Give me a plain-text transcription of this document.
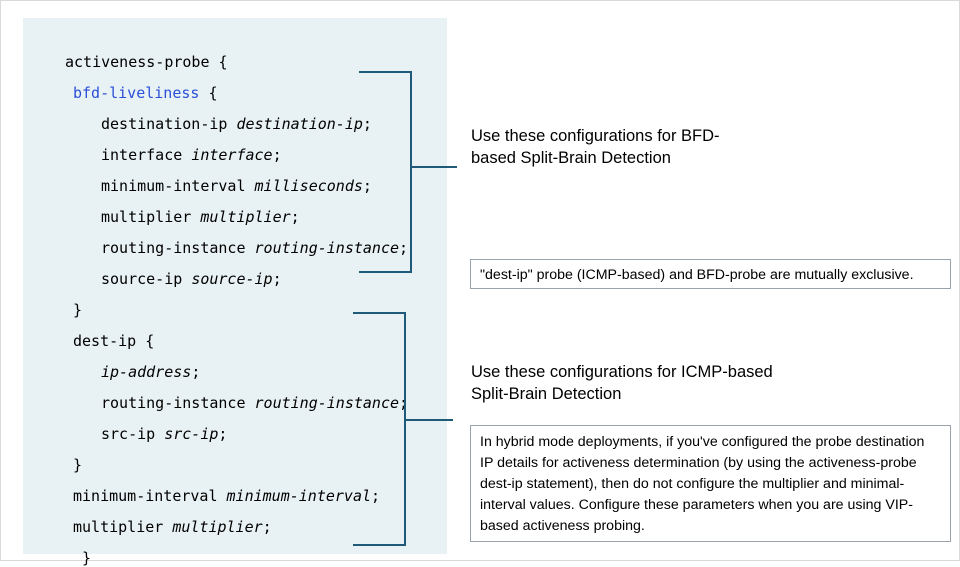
activeness-probe {
bfd-liveliness {
destination-ip destination-ip;
interface interface;
minimum-interval milliseconds;
multiplier multiplier;
routing-instance routing-instance;
source-ip source-ip;
}
dest-ip {
ip-address;
routing-instance routing-instance;
src-ip src-ip;
}
minimum-interval minimum-interval;
multiplier multiplier;
}
Use these configurations for BFD-based Split-Brain Detection
Use these configurations for ICMP-based Split-Brain Detection
"dest-ip" probe (ICMP-based) and BFD-probe are mutually exclusive.
In hybrid mode deployments, if you've configured the probe destination IP details for activeness determination (by using the activeness-probe dest-ip statement), then do not configure the multiplier and minimal-interval values. Configure these parameters when you are using VIP-based activeness probing.
